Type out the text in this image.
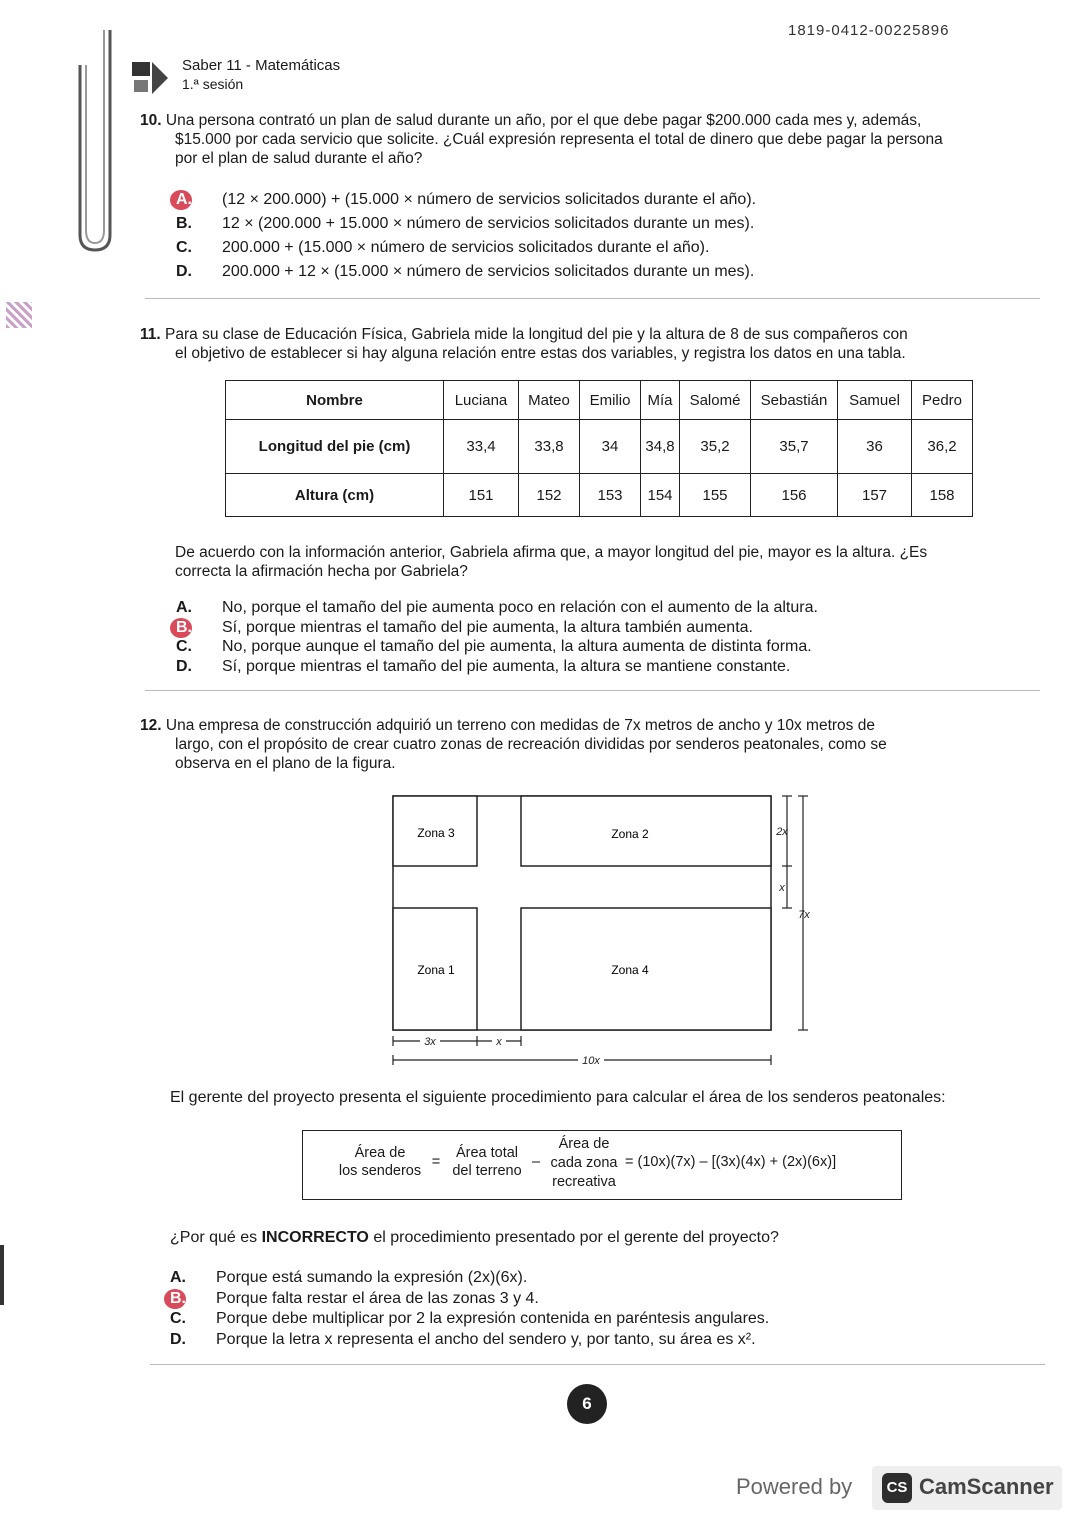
1819-0412-00225896
Saber 11 - Matemáticas
1.ª sesión
10. Una persona contrató un plan de salud durante un año, por el que debe pagar $200.000 cada mes y, además,
$15.000 por cada servicio que solicite. ¿Cuál expresión representa el total de dinero que debe pagar la persona
por el plan de salud durante el año?
A. (12 × 200.000) + (15.000 × número de servicios solicitados durante el año).
B. 12 × (200.000 + 15.000 × número de servicios solicitados durante un mes).
C. 200.000 + (15.000 × número de servicios solicitados durante el año).
D. 200.000 + 12 × (15.000 × número de servicios solicitados durante un mes).
11. Para su clase de Educación Física, Gabriela mide la longitud del pie y la altura de 8 de sus compañeros con
el objetivo de establecer si hay alguna relación entre estas dos variables, y registra los datos en una tabla.
Nombre	Luciana	Mateo	Emilio	Mía	Salomé	Sebastián	Samuel	Pedro
Longitud del pie (cm)	33,4	33,8	34	34,8	35,2	35,7	36	36,2
Altura (cm)	151	152	153	154	155	156	157	158
De acuerdo con la información anterior, Gabriela afirma que, a mayor longitud del pie, mayor es la altura. ¿Es
correcta la afirmación hecha por Gabriela?
A. No, porque el tamaño del pie aumenta poco en relación con el aumento de la altura.
B. Sí, porque mientras el tamaño del pie aumenta, la altura también aumenta.
C. No, porque aunque el tamaño del pie aumenta, la altura aumenta de distinta forma.
D. Sí, porque mientras el tamaño del pie aumenta, la altura se mantiene constante.
12. Una empresa de construcción adquirió un terreno con medidas de 7x metros de ancho y 10x metros de
largo, con el propósito de crear cuatro zonas de recreación divididas por senderos peatonales, como se
observa en el plano de la figura.
Zona 3	Zona 2
Zona 1	Zona 4
2x
x
7x
3x	x
10x
El gerente del proyecto presenta el siguiente procedimiento para calcular el área de los senderos peatonales:
Área de
los senderos
=
Área total
del terreno
–
Área de
cada zona
recreativa
= (10x)(7x) – [(3x)(4x) + (2x)(6x)]
¿Por qué es INCORRECTO el procedimiento presentado por el gerente del proyecto?
A. Porque está sumando la expresión (2x)(6x).
B. Porque falta restar el área de las zonas 3 y 4.
C. Porque debe multiplicar por 2 la expresión contenida en paréntesis angulares.
D. Porque la letra x representa el ancho del sendero y, por tanto, su área es x².
6
Powered by	CS CamScanner
